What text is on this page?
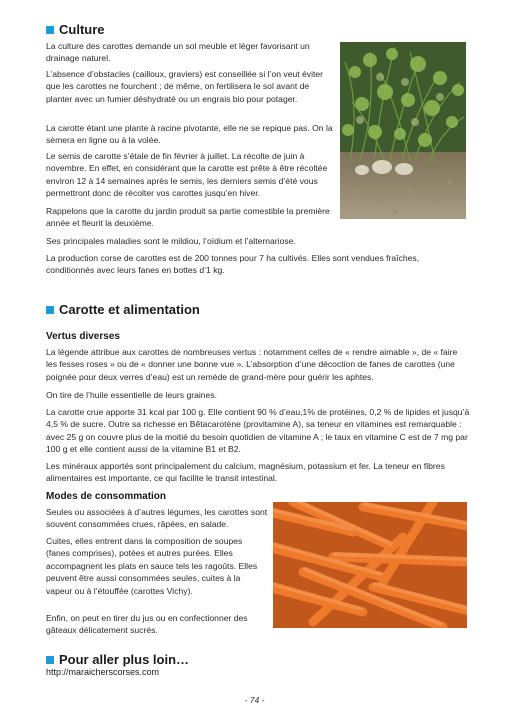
Culture

La culture des carottes demande un sol meuble et léger favorisant un drainage naturel.

L’absence d’obstacles (cailloux, graviers) est conseillée si l’on veut éviter que les carottes ne fourchent ; de même, on fertilisera le sol avant de planter avec un fumier déshydraté ou un engrais bio pour potager.

La carotte étant une plante à racine pivotante, elle ne se repique pas. On la sèmera en ligne ou à la volée.

Le semis de carotte s’étale de fin février à juillet. La récolte de juin à novembre. En effet, en considérant que la carotte est prête à être récoltée environ 12 à 14 semaines après le semis, les derniers semis d’été vous permettront donc de récolter vos carottes jusqu’en hiver.

Rappelons que la carotte du jardin produit sa partie comestible la première année et fleurit la deuxième.

Ses principales maladies sont le mildiou, l’oïdium et l’alternariose.

La production corse de carottes est de 200 tonnes pour 7 ha cultivés. Elles sont vendues fraîches, conditionnés avec leurs fanes en bottes d’1 kg.

Carotte et alimentation
Vertus diverses

La légende attribue aux carottes de nombreuses vertus : notamment celles de « rendre aimable », de « faire les fesses roses » ou de « donner une bonne vue ». L’absorption d’une décoction de fanes de carottes (une poignée pour deux verres d’eau) est un remède de grand-mère pour guérir les aphtes.

On tire de l’huile essentielle de leurs graines.

La carotte crue apporte 31 kcal par 100 g. Elle contient 90 % d’eau,1% de protéines, 0,2 % de lipides et jusqu’à 4,5 % de sucre. Outre sa richesse en Bêtacarotène (provitamine A), sa teneur en vitamines est remarquable : avec 25 g on couvre plus de la moitié du besoin quotidien de vitamine A ; le taux en vitamine C est de 7 mg par 100 g et elle contient aussi de la vitamine B1 et B2.

Les minéraux apportés sont principalement du calcium, magnésium, potassium et fer. La teneur en fibres alimentaires est importante, ce qui facilite le transit intestinal.

Modes de consommation

Seules ou associées à d’autres légumes, les carottes sont souvent consommées crues, râpées, en salade.

Cuites, elles entrent dans la composition de soupes (fanes comprises), potées et autres purées. Elles accompagnent les plats en sauce tels les ragoûts. Elles peuvent être aussi consommées seules, cuites à la vapeur ou à l’étouffée (carottes Vichy).

Enfin, on peut en tirer du jus ou en confectionner des gâteaux délicatement sucrés.

Pour aller plus loin…

http://maraicherscorses.com

- 74 -
